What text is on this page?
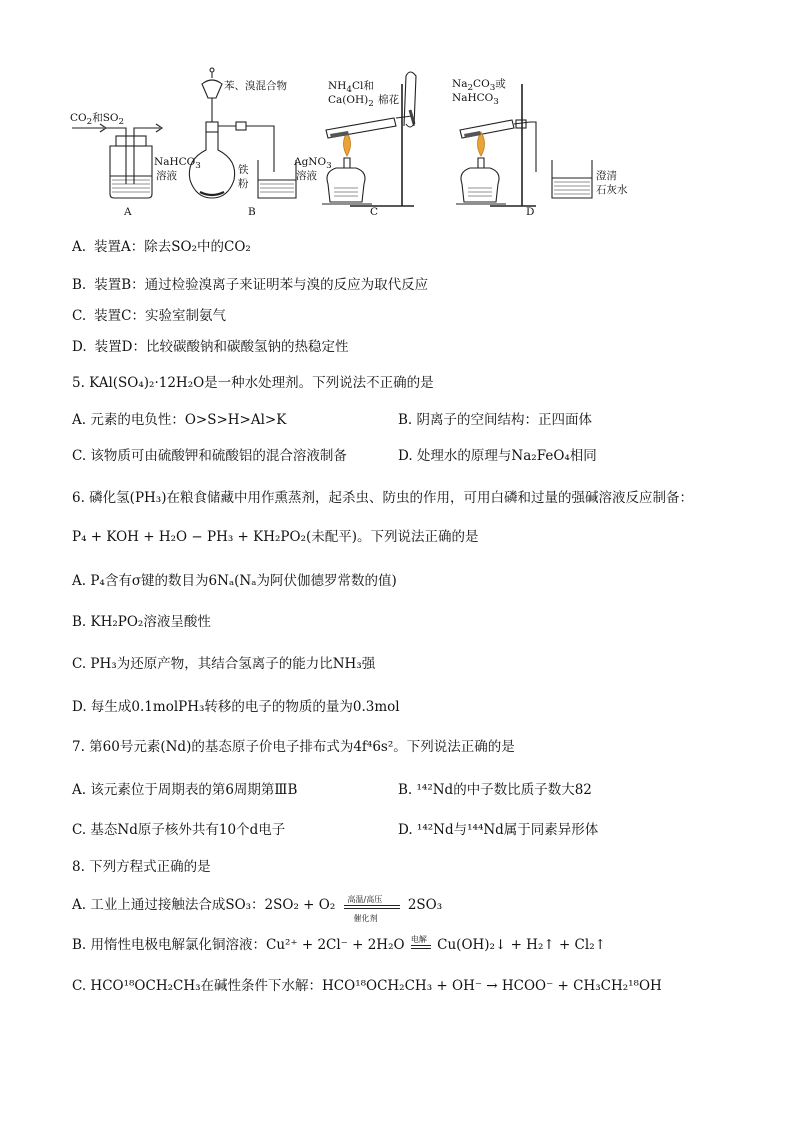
$CO_2$和$SO_2$
NaHCO$_3$
溶液
A
苯、溴混合物
铁
粉
AgNO$_3$
溶液
B
$NH_4Cl$和
$Ca(OH)_2$ 棉花
C
$Na_2CO_3$或
NaHCO$_3$
澄清
石灰水
D
A. 装置A：除去SO₂中的CO₂
B. 装置B：通过检验溴离子来证明苯与溴的反应为取代反应
C. 装置C：实验室制氨气
D. 装置D：比较碳酸钠和碳酸氢钠的热稳定性
5. KAl(SO₄)₂·12H₂O是一种水处理剂。下列说法不正确的是
A. 元素的电负性：O>S>H>Al>K	B. 阴离子的空间结构：正四面体
C. 该物质可由硫酸钾和硫酸铝的混合溶液制备	D. 处理水的原理与Na₂FeO₄相同
6. 磷化氢(PH₃)在粮食储藏中用作熏蒸剂，起杀虫、防虫的作用，可用白磷和过量的强碱溶液反应制备：
P₄ + KOH + H₂O − PH₃ + KH₂PO₂(未配平)。下列说法正确的是
A. P₄含有σ键的数目为6Nₐ(Nₐ为阿伏伽德罗常数的值)
B. KH₂PO₂溶液呈酸性
C. PH₃为还原产物，其结合氢离子的能力比NH₃强
D. 每生成0.1molPH₃转移的电子的物质的量为0.3mol
7. 第60号元素(Nd)的基态原子价电子排布式为4f⁴6s²。下列说法正确的是
A. 该元素位于周期表的第6周期第ⅢB	B. ¹⁴²Nd的中子数比质子数大82
C. 基态Nd原子核外共有10个d电子	D. ¹⁴²Nd与¹⁴⁴Nd属于同素异形体
8. 下列方程式正确的是
A. 工业上通过接触法合成SO₃：2SO₂ + O₂ 高温/高压
催化剂
2SO₃
B. 用惰性电极电解氯化铜溶液：Cu²⁺ + 2Cl⁻ + 2H₂O 电解 Cu(OH)₂↓ + H₂↑ + Cl₂↑
C. HCO¹⁸OCH₂CH₃在碱性条件下水解：HCO¹⁸OCH₂CH₃ + OH⁻ → HCOO⁻ + CH₃CH₂¹⁸OH
